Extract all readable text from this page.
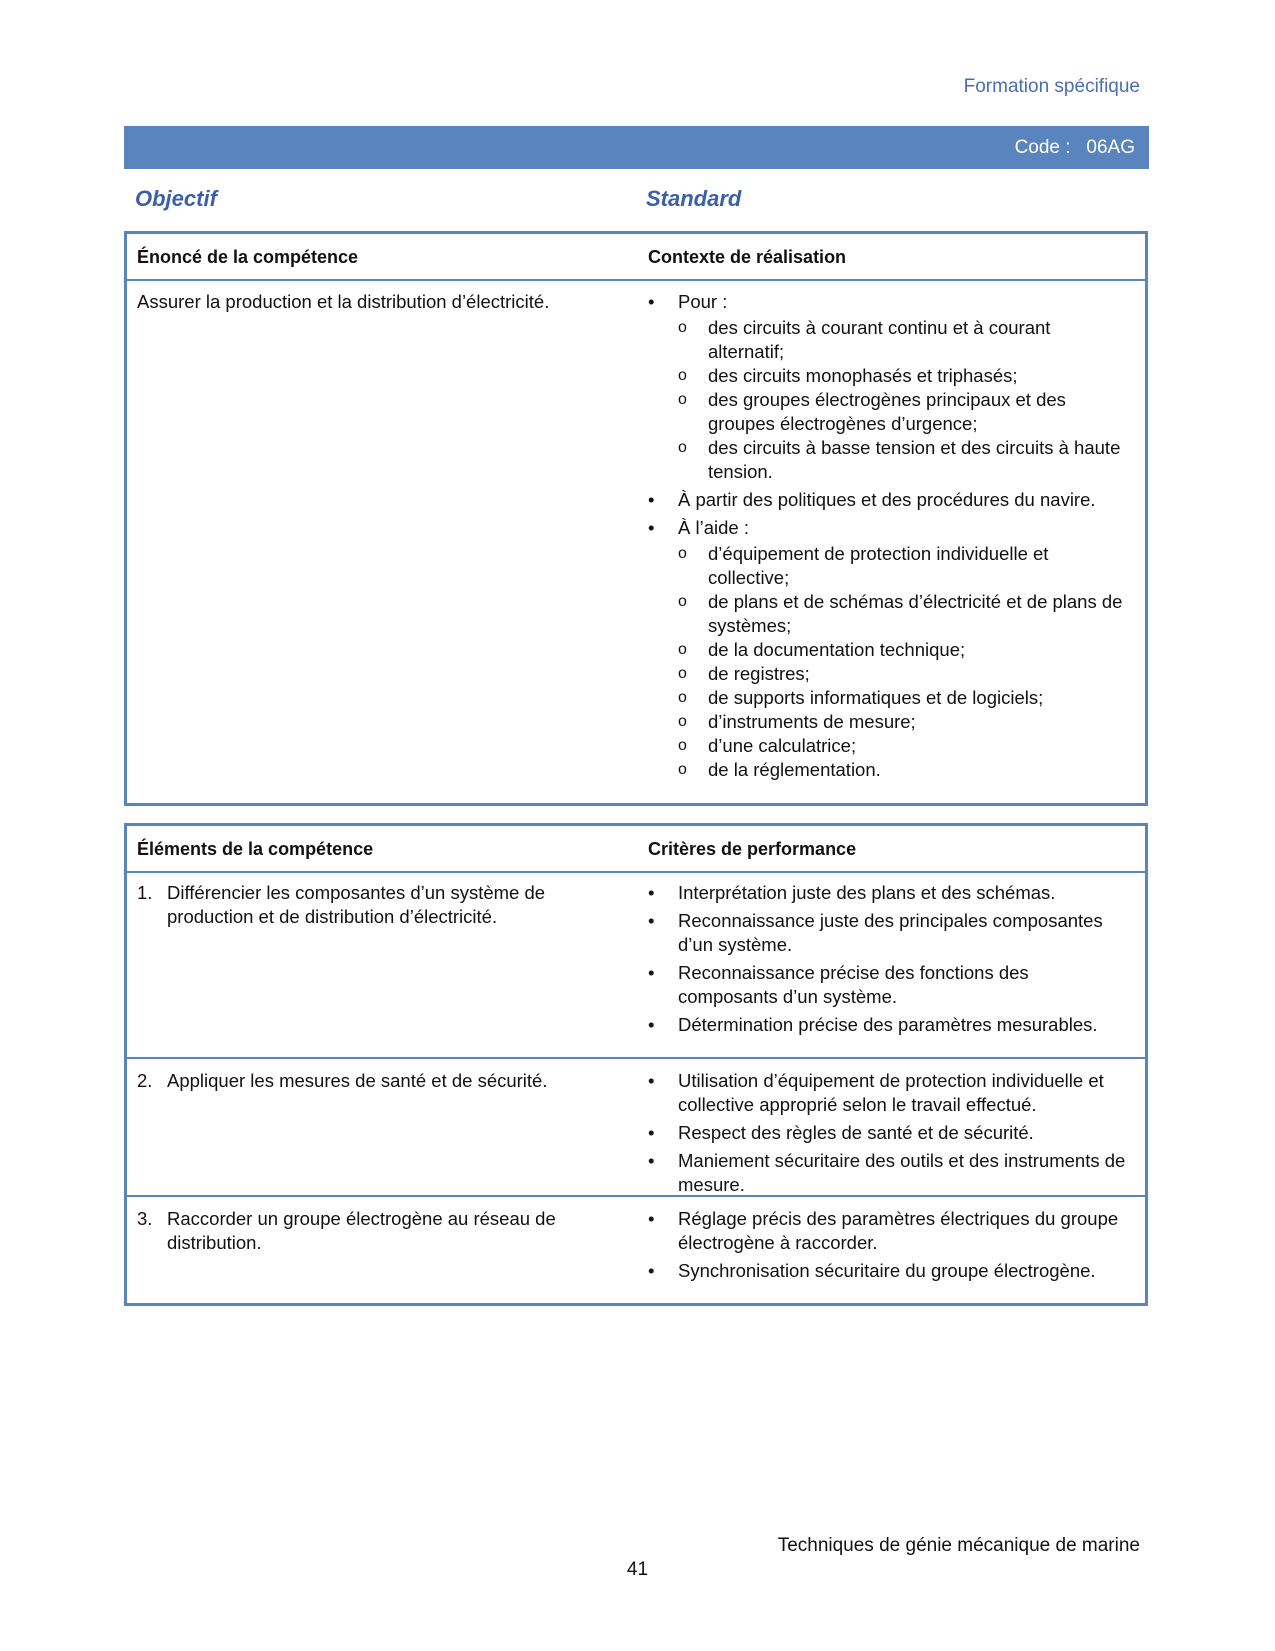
Formation spécifique
Code : 06AG
Objectif	Standard
Énoncé de la compétence	Contexte de réalisation
Assurer la production et la distribution d’électricité.	• Pour :
o des circuits à courant continu et à courant alternatif;
o des circuits monophasés et triphasés;
o des groupes électrogènes principaux et des groupes électrogènes d’urgence;
o des circuits à basse tension et des circuits à haute tension.
• À partir des politiques et des procédures du navire.
• À l’aide :
o d’équipement de protection individuelle et collective;
o de plans et de schémas d’électricité et de plans de systèmes;
o de la documentation technique;
o de registres;
o de supports informatiques et de logiciels;
o d’instruments de mesure;
o d’une calculatrice;
o de la réglementation.
Éléments de la compétence	Critères de performance
1. Différencier les composantes d’un système de production et de distribution d’électricité.
• Interprétation juste des plans et des schémas.
• Reconnaissance juste des principales composantes d’un système.
• Reconnaissance précise des fonctions des composants d’un système.
• Détermination précise des paramètres mesurables.
2. Appliquer les mesures de santé et de sécurité.	• Utilisation d’équipement de protection individuelle et collective approprié selon le travail effectué.
• Respect des règles de santé et de sécurité.
• Maniement sécuritaire des outils et des instruments de mesure.
3. Raccorder un groupe électrogène au réseau de distribution.
• Réglage précis des paramètres électriques du groupe électrogène à raccorder.
• Synchronisation sécuritaire du groupe électrogène.
Techniques de génie mécanique de marine
41
